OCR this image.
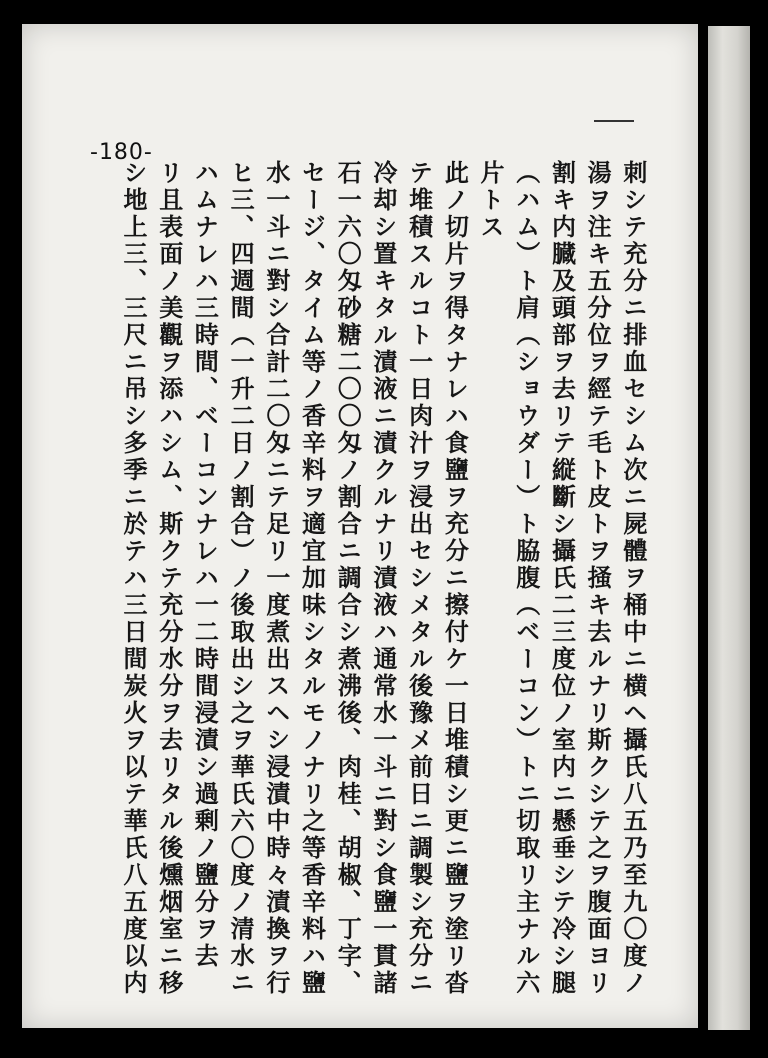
-180-
刺シテ充分ニ排血セシム次ニ屍體ヲ桶中ニ横ヘ攝氏八五乃至九〇度ノ
湯ヲ注キ五分位ヲ經テ毛ト皮トヲ掻キ去ルナリ斯クシテ之ヲ腹面ヨリ
割キ内臓及頭部ヲ去リテ縦斷シ攝氏二三度位ノ室内ニ懸垂シテ冷シ腿
（ハム）ト肩（ショウダー）ト脇腹（ベーコン）トニ切取リ主ナル六
片トス
此ノ切片ヲ得タナレハ食鹽ヲ充分ニ擦付ケ一日堆積シ更ニ鹽ヲ塗リ沓
テ堆積スルコト一日肉汁ヲ浸出セシメタル後豫メ前日ニ調製シ充分ニ
冷却シ置キタル漬液ニ漬クルナリ漬液ハ通常水一斗ニ對シ食鹽一貫諸
石一六〇匁砂糖二〇〇匁ノ割合ニ調合シ煮沸後、肉桂、胡椒、丁字、
セージ、タイム等ノ香辛料ヲ適宜加味シタルモノナリ之等香辛料ハ鹽
水一斗ニ對シ合計二〇匁ニテ足リ一度煮出スヘシ浸漬中時々漬換ヲ行
ヒ三、四週間（一升二日ノ割合）ノ後取出シ之ヲ華氏六〇度ノ清水ニ
ハムナレハ三時間、ベーコンナレハ一二時間浸漬シ過剰ノ鹽分ヲ去
リ且表面ノ美觀ヲ添ハシム、斯クテ充分水分ヲ去リタル後燻烟室ニ移
シ地上三、三尺ニ吊シ多季ニ於テハ三日間炭火ヲ以テ華氏八五度以内
